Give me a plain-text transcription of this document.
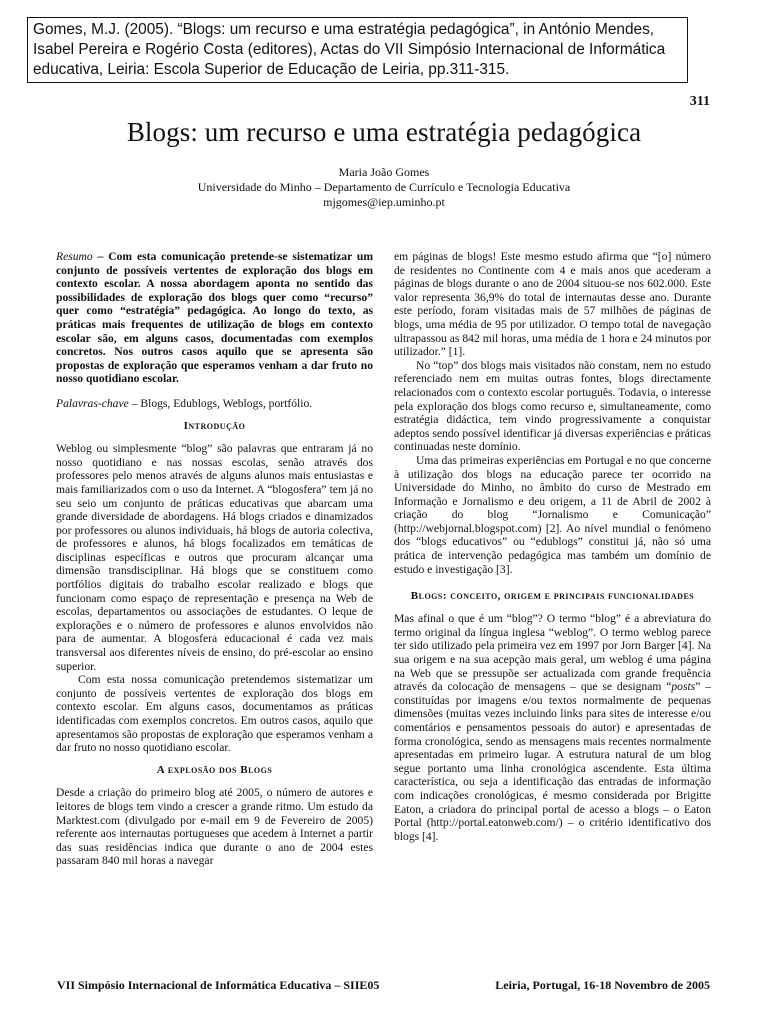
Gomes, M.J. (2005). “Blogs: um recurso e uma estratégia pedagógica”, in António Mendes, Isabel Pereira e Rogério Costa (editores), Actas do VII Simpósio Internacional de Informática educativa, Leiria: Escola Superior de Educação de Leiria, pp.311-315.
311
Blogs: um recurso e uma estratégia pedagógica
Maria João Gomes
Universidade do Minho – Departamento de Currículo e Tecnologia Educativa
mjgomes@iep.uminho.pt

Resumo – Com esta comunicação pretende-se sistematizar um conjunto de possíveis vertentes de exploração dos blogs em contexto escolar. A nossa abordagem aponta no sentido das possibilidades de exploração dos blogs quer como “recurso” quer como “estratégia” pedagógica. Ao longo do texto, as práticas mais frequentes de utilização de blogs em contexto escolar são, em alguns casos, documentadas com exemplos concretos. Nos outros casos aquilo que se apresenta são propostas de exploração que esperamos venham a dar fruto no nosso quotidiano escolar.

Palavras-chave – Blogs, Edublogs, Weblogs, portfólio.

Introdução

Weblog ou simplesmente “blog” são palavras que entraram já no nosso quotidiano e nas nossas escolas, senão através dos professores pelo menos através de alguns alunos mais entusiastas e mais familiarizados com o uso da Internet. A “blogosfera” tem já no seu seio um conjunto de práticas educativas que abarcam uma grande diversidade de abordagens. Há blogs criados e dinamizados por professores ou alunos individuais, há blogs de autoria colectiva, de professores e alunos, há blogs focalizados em temáticas de disciplinas específicas e outros que procuram alcançar uma dimensão transdisciplinar. Há blogs que se constituem como portfólios digitais do trabalho escolar realizado e blogs que funcionam como espaço de representação e presença na Web de escolas, departamentos ou associações de estudantes. O leque de explorações e o número de professores e alunos envolvidos não para de aumentar. A blogosfera educacional é cada vez mais transversal aos diferentes níveis de ensino, do pré-escolar ao ensino superior.

Com esta nossa comunicação pretendemos sistematizar um conjunto de possíveis vertentes de exploração dos blogs em contexto escolar. Em alguns casos, documentamos as práticas identificadas com exemplos concretos. Em outros casos, aquilo que apresentamos são propostas de exploração que esperamos venham a dar fruto no nosso quotidiano escolar.

A explosão dos Blogs

Desde a criação do primeiro blog até 2005, o número de autores e leitores de blogs tem vindo a crescer a grande ritmo. Um estudo da Marktest.com (divulgado por e-mail em 9 de Fevereiro de 2005) referente aos internautas portugueses que acedem à Internet a partir das suas residências indica que durante o ano de 2004 estes passaram 840 mil horas a navegar

em páginas de blogs! Este mesmo estudo afirma que “[o] número de residentes no Continente com 4 e mais anos que acederam a páginas de blogs durante o ano de 2004 situou-se nos 602.000. Este valor representa 36,9% do total de internautas desse ano. Durante este período, foram visitadas mais de 57 milhões de páginas de blogs, uma média de 95 por utilizador. O tempo total de navegação ultrapassou as 842 mil horas, uma média de 1 hora e 24 minutos por utilizador.” [1].

No “top” dos blogs mais visitados não constam, nem no estudo referenciado nem em muitas outras fontes, blogs directamente relacionados com o contexto escolar português. Todavia, o interesse pela exploração dos blogs como recurso e, simultaneamente, como estratégia didáctica, tem vindo progressivamente a conquistar adeptos sendo possível identificar já diversas experiências e práticas continuadas neste domínio.

Uma das primeiras experiências em Portugal e no que concerne à utilização dos blogs na educação parece ter ocorrido na Universidade do Minho, no âmbito do curso de Mestrado em Informação e Jornalismo e deu origem, a 11 de Abril de 2002 à criação do blog “Jornalismo e Comunicação” (http://webjornal.blogspot.com) [2]. Ao nível mundial o fenómeno dos “blogs educativos” ou “edublogs” constitui já, não só uma prática de intervenção pedagógica mas também um domínio de estudo e investigação [3].

Blogs: conceito, origem e principais funcionalidades

Mas afinal o que é um “blog”? O termo “blog” é a abreviatura do termo original da língua inglesa “weblog”. O termo weblog parece ter sido utilizado pela primeira vez em 1997 por Jorn Barger [4]. Na sua origem e na sua acepção mais geral, um weblog é uma página na Web que se pressupõe ser actualizada com grande frequência através da colocação de mensagens – que se designam “posts” – constituídas por imagens e/ou textos normalmente de pequenas dimensões (muitas vezes incluindo links para sites de interesse e/ou comentários e pensamentos pessoais do autor) e apresentadas de forma cronológica, sendo as mensagens mais recentes normalmente apresentadas em primeiro lugar. A estrutura natural de um blog segue portanto uma linha cronológica ascendente. Esta última característica, ou seja a identificação das entradas de informação com indicações cronológicas, é mesmo considerada por Brigitte Eaton, a criadora do principal portal de acesso a blogs – o Eaton Portal (http://portal.eatonweb.com/) – o critério identificativo dos blogs [4].

VII Simpósio Internacional de Informática Educativa – SIIE05	Leiria, Portugal, 16-18 Novembro de 2005
